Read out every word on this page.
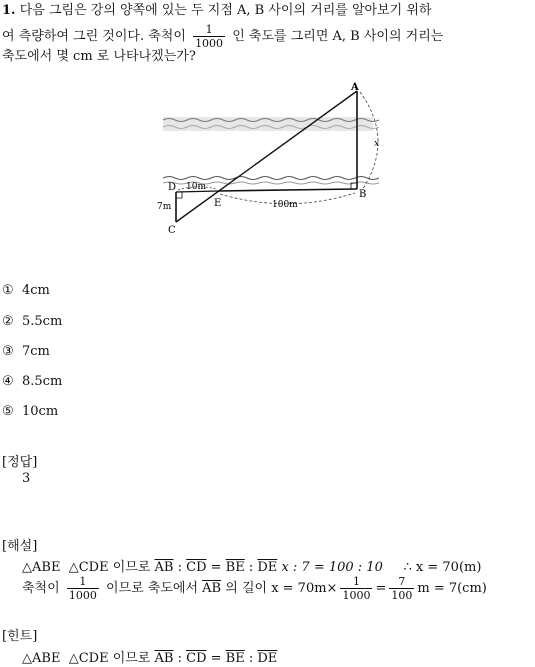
1. 다음 그림은 강의 양쪽에 있는 두 지점 A, B 사이의 거리를 알아보기 위하
여 측량하여 그린 것이다. 축척이 $\frac{1}{1000}$ 인 축도를 그리면 A, B 사이의 거리는
축도에서 몇 cm 로 나타나겠는가?
A
B
C
D
E
x
10m
7m	100m
① 4cm
② 5.5cm
③ 7cm
④ 8.5cm
⑤ 10cm
[정답]
3
[해설]
△ABE △CDE 이므로 $\overline{AB}$ : $\overline{CD} = \overline{BE}$ : $\overline{DE}$ x : 7 = 100 : 10 ∴ x = 70(m)
축척이 $\frac{1}{1000}$ 이므로 축도에서 $\overline{AB}$ 의 길이 $x = 70m\times \frac{1}{1000} = \frac{7}{100}$ m = 7(cm)
[힌트]
△ABE △CDE 이므로 $\overline{AB}$ : $\overline{CD} = \overline{BE}$ : $\overline{DE}$
